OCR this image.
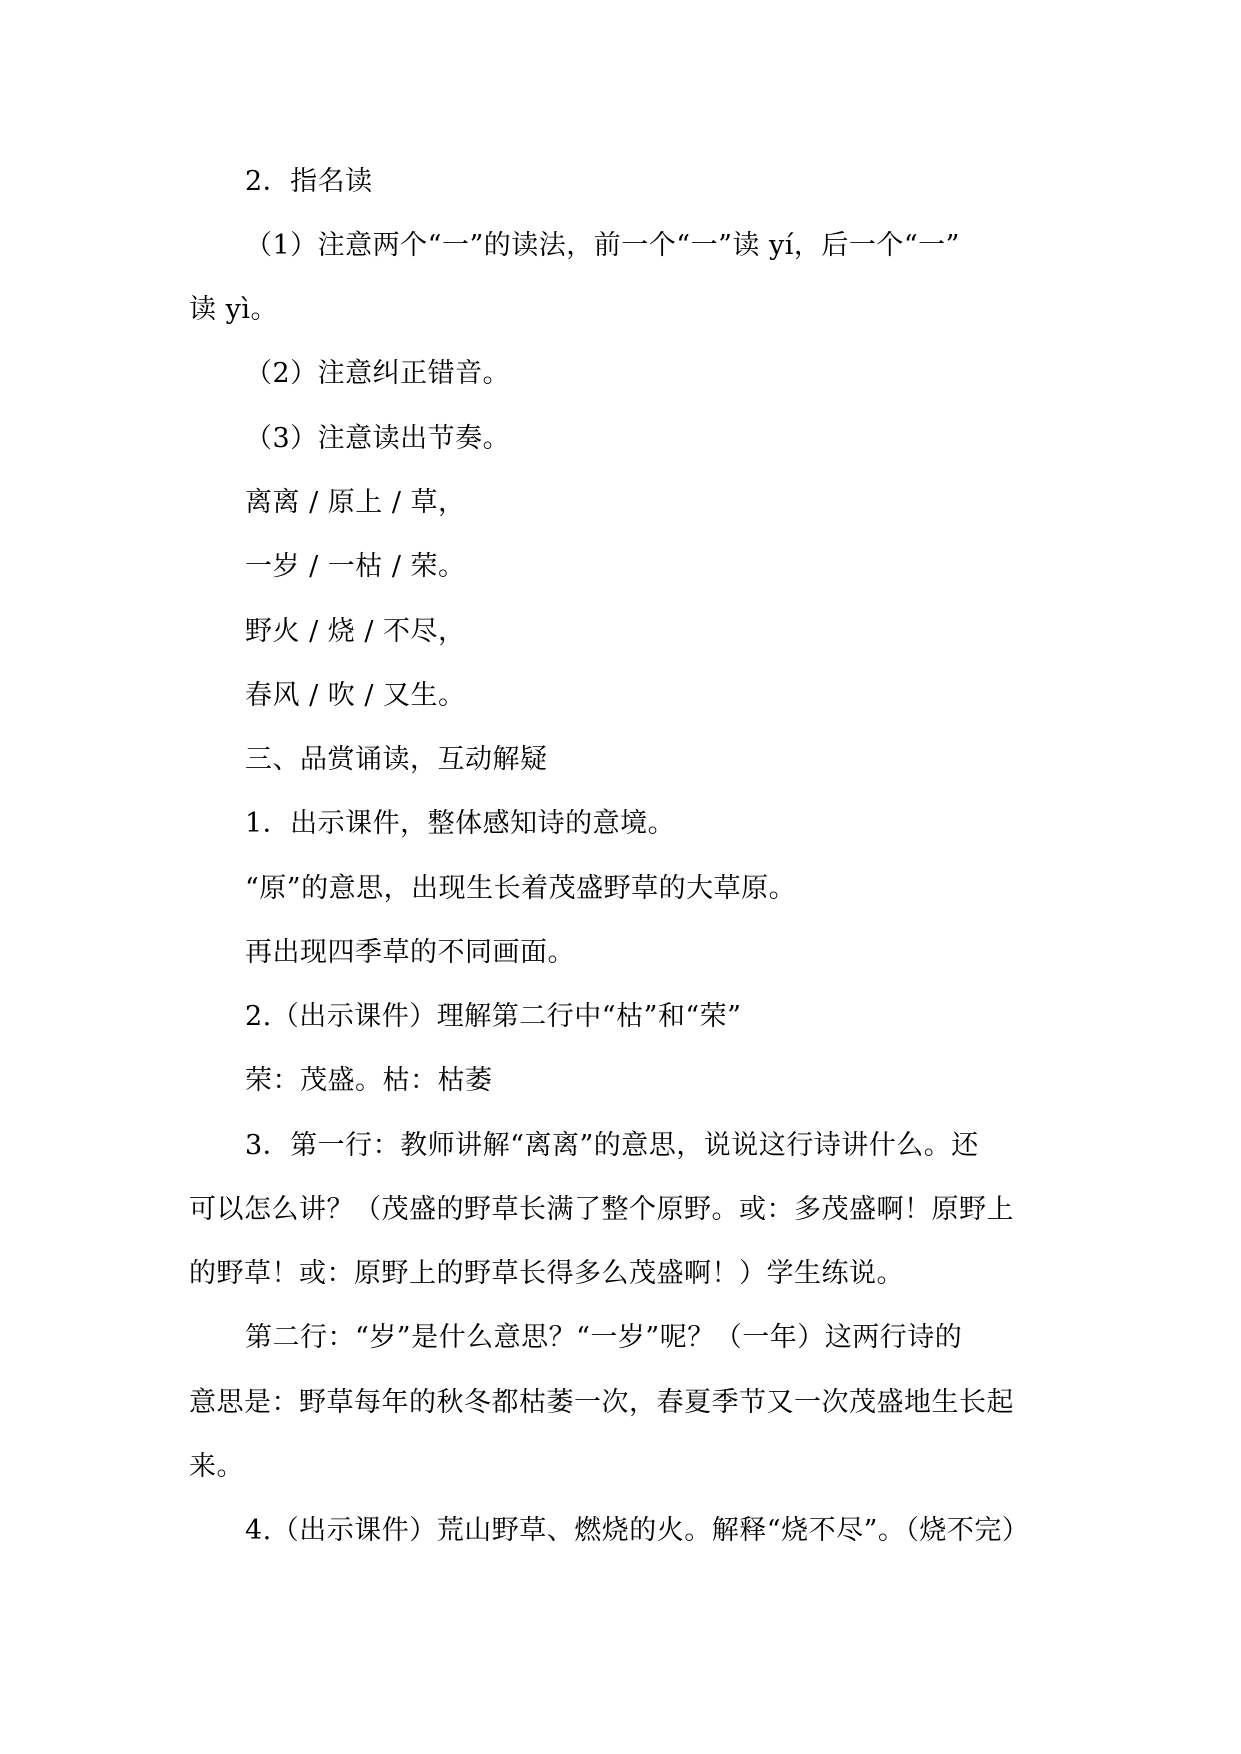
2．指名读
（1）注意两个“一”的读法，前一个“一”读 yí，后一个“一”
读 yì。
（2）注意纠正错音。
（3）注意读出节奏。
离离 / 原上 / 草，
一岁 / 一枯 / 荣。
野火 / 烧 / 不尽，
春风 / 吹 / 又生。
三、品赏诵读，互动解疑
1．出示课件，整体感知诗的意境。
“原”的意思，出现生长着茂盛野草的大草原。
再出现四季草的不同画面。
2.（出示课件）理解第二行中“枯”和“荣”
荣：茂盛。枯：枯萎
3．第一行：教师讲解“离离”的意思，说说这行诗讲什么。还
可以怎么讲？（茂盛的野草长满了整个原野。或：多茂盛啊！原野上
的野草！或：原野上的野草长得多么茂盛啊！）学生练说。
第二行：“岁”是什么意思？“一岁”呢？（一年）这两行诗的
意思是：野草每年的秋冬都枯萎一次，春夏季节又一次茂盛地生长起
来。
4.（出示课件）荒山野草、燃烧的火。解释“烧不尽”。（烧不完）
